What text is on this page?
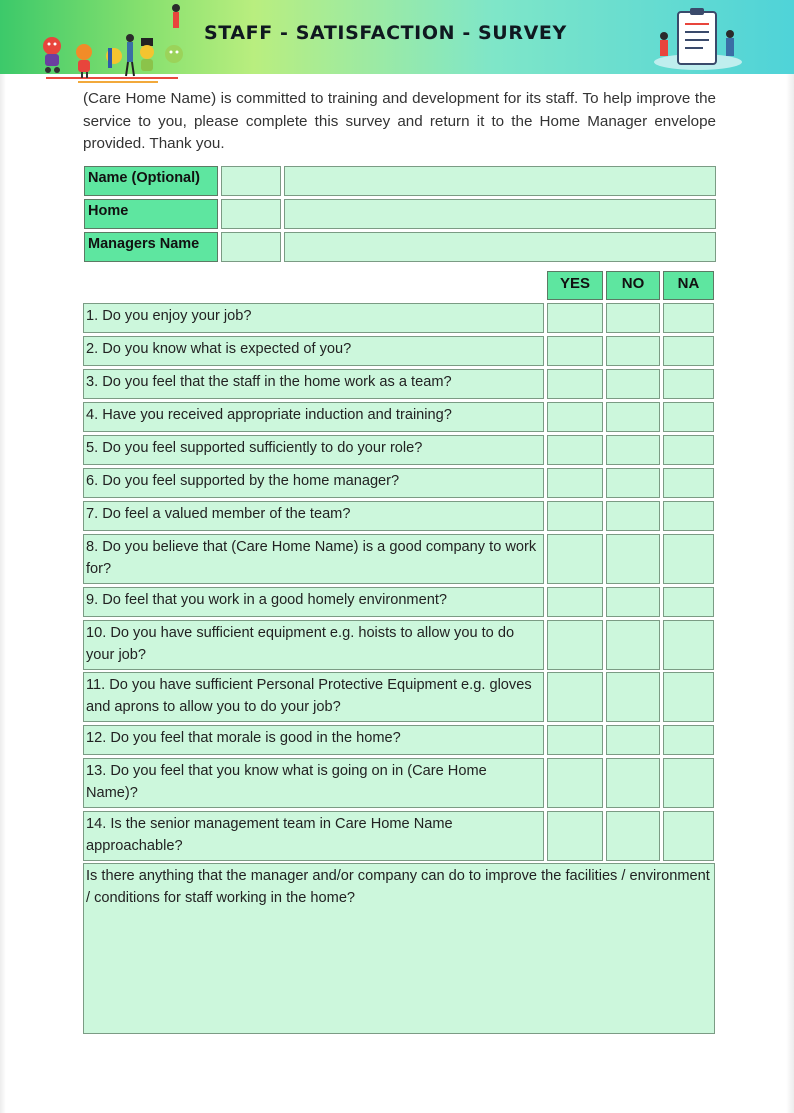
STAFF - SATISFACTION - SURVEY
(Care Home Name) is committed to training and development for its staff. To help improve the service to you, please complete this survey and return it to the Home Manager envelope provided. Thank you.
Name (Optional)
Home
Managers Name
YES	NO	NA
1. Do you enjoy your job?
2. Do you know what is expected of you?
3. Do you feel that the staff in the home work as a team?
4. Have you received appropriate induction and training?
5. Do you feel supported sufficiently to do your role?
6. Do you feel supported by the home manager?
7. Do feel a valued member of the team?
8. Do you believe that (Care Home Name) is a good company to work for?
9. Do feel that you work in a good homely environment?
10. Do you have sufficient equipment e.g. hoists to allow you to do your job?
11. Do you have sufficient Personal Protective Equipment e.g. gloves and aprons to allow you to do your job?
12. Do you feel that morale is good in the home?
13. Do you feel that you know what is going on in (Care Home Name)?
14. Is the senior management team in Care Home Name approachable?
Is there anything that the manager and/or company can do to improve the facilities / environment / conditions for staff working in the home?
